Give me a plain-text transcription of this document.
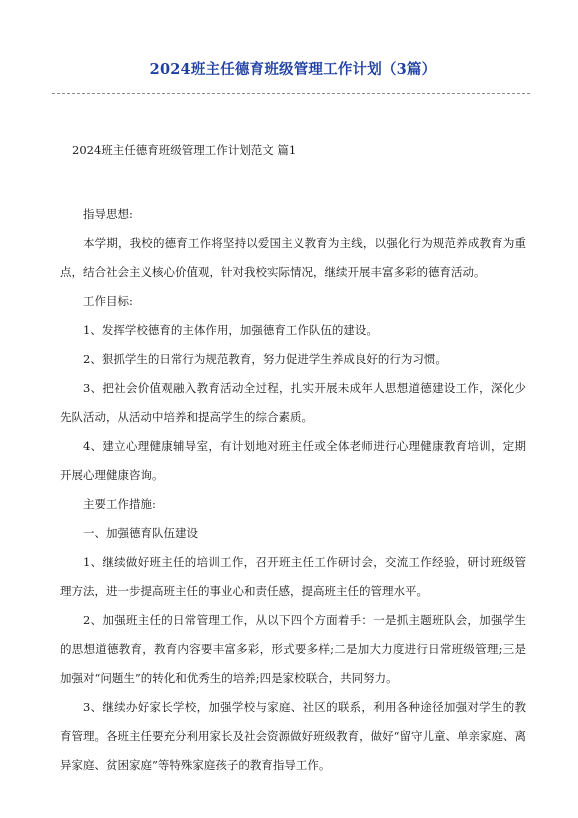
2024班主任德育班级管理工作计划（3篇）
2024班主任德育班级管理工作计划范文 篇1

指导思想:

本学期，我校的德育工作将坚持以爱国主义教育为主线，以强化行为规范养成教育为重点，结合社会主义核心价值观，针对我校实际情况，继续开展丰富多彩的德育活动。

工作目标:

1、发挥学校德育的主体作用，加强德育工作队伍的建设。

2、狠抓学生的日常行为规范教育，努力促进学生养成良好的行为习惯。

3、把社会价值观融入教育活动全过程，扎实开展未成年人思想道德建设工作，深化少先队活动，从活动中培养和提高学生的综合素质。

4、建立心理健康辅导室，有计划地对班主任或全体老师进行心理健康教育培训，定期开展心理健康咨询。

主要工作措施:

一、加强德育队伍建设

1、继续做好班主任的培训工作，召开班主任工作研讨会，交流工作经验，研讨班级管理方法，进一步提高班主任的事业心和责任感，提高班主任的管理水平。

2、加强班主任的日常管理工作，从以下四个方面着手：一是抓主题班队会，加强学生的思想道德教育，教育内容要丰富多彩，形式要多样;二是加大力度进行日常班级管理;三是加强对“问题生”的转化和优秀生的培养;四是家校联合，共同努力。

3、继续办好家长学校，加强学校与家庭、社区的联系，利用各种途径加强对学生的教育管理。各班主任要充分利用家长及社会资源做好班级教育，做好“留守儿童、单亲家庭、离异家庭、贫困家庭”等特殊家庭孩子的教育指导工作。
